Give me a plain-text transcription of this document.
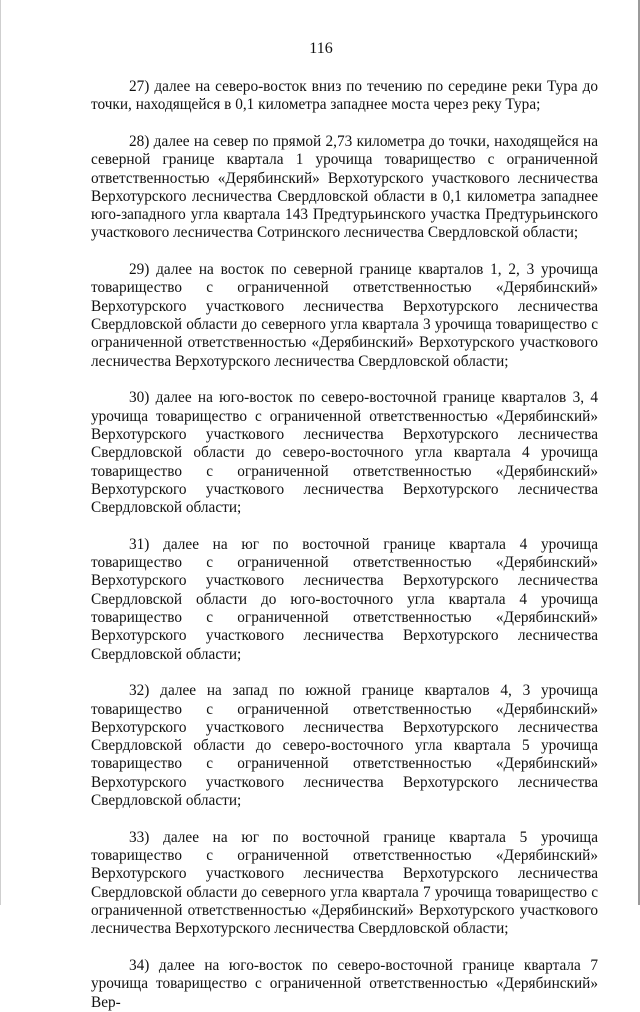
116

27) далее на северо-восток вниз по течению по середине реки Тура до точки, находящейся в 0,1 километра западнее моста через реку Тура;

28) далее на север по прямой 2,73 километра до точки, находящейся на северной границе квартала 1 урочища товарищество с ограниченной ответственностью «Дерябинский» Верхотурского участкового лесничества Верхотурского лесничества Свердловской области в 0,1 километра западнее юго-западного угла квартала 143 Предтурьинского участка Предтурьинского участкового лесничества Сотринского лесничества Свердловской области;

29) далее на восток по северной границе кварталов 1, 2, 3 урочища товарищество с ограниченной ответственностью «Дерябинский» Верхотурского участкового лесничества Верхотурского лесничества Свердловской области до северного угла квартала 3 урочища товарищество с ограниченной ответственностью «Дерябинский» Верхотурского участкового лесничества Верхотурского лесничества Свердловской области;

30) далее на юго-восток по северо-восточной границе кварталов 3, 4 урочища товарищество с ограниченной ответственностью «Дерябинский» Верхотурского участкового лесничества Верхотурского лесничества Свердловской области до северо-восточного угла квартала 4 урочища товарищество с ограниченной ответственностью «Дерябинский» Верхотурского участкового лесничества Верхотурского лесничества Свердловской области;

31) далее на юг по восточной границе квартала 4 урочища товарищество с ограниченной ответственностью «Дерябинский» Верхотурского участкового лесничества Верхотурского лесничества Свердловской области до юго-восточного угла квартала 4 урочища товарищество с ограниченной ответственностью «Дерябинский» Верхотурского участкового лесничества Верхотурского лесничества Свердловской области;

32) далее на запад по южной границе кварталов 4, 3 урочища товарищество с ограниченной ответственностью «Дерябинский» Верхотурского участкового лесничества Верхотурского лесничества Свердловской области до северо-восточного угла квартала 5 урочища товарищество с ограниченной ответственностью «Дерябинский» Верхотурского участкового лесничества Верхотурского лесничества Свердловской области;

33) далее на юг по восточной границе квартала 5 урочища товарищество с ограниченной ответственностью «Дерябинский» Верхотурского участкового лесничества Верхотурского лесничества Свердловской области до северного угла квартала 7 урочища товарищество с ограниченной ответственностью «Дерябинский» Верхотурского участкового лесничества Верхотурского лесничества Свердловской области;

34) далее на юго-восток по северо-восточной границе квартала 7 урочища товарищество с ограниченной ответственностью «Дерябинский» Вер-
